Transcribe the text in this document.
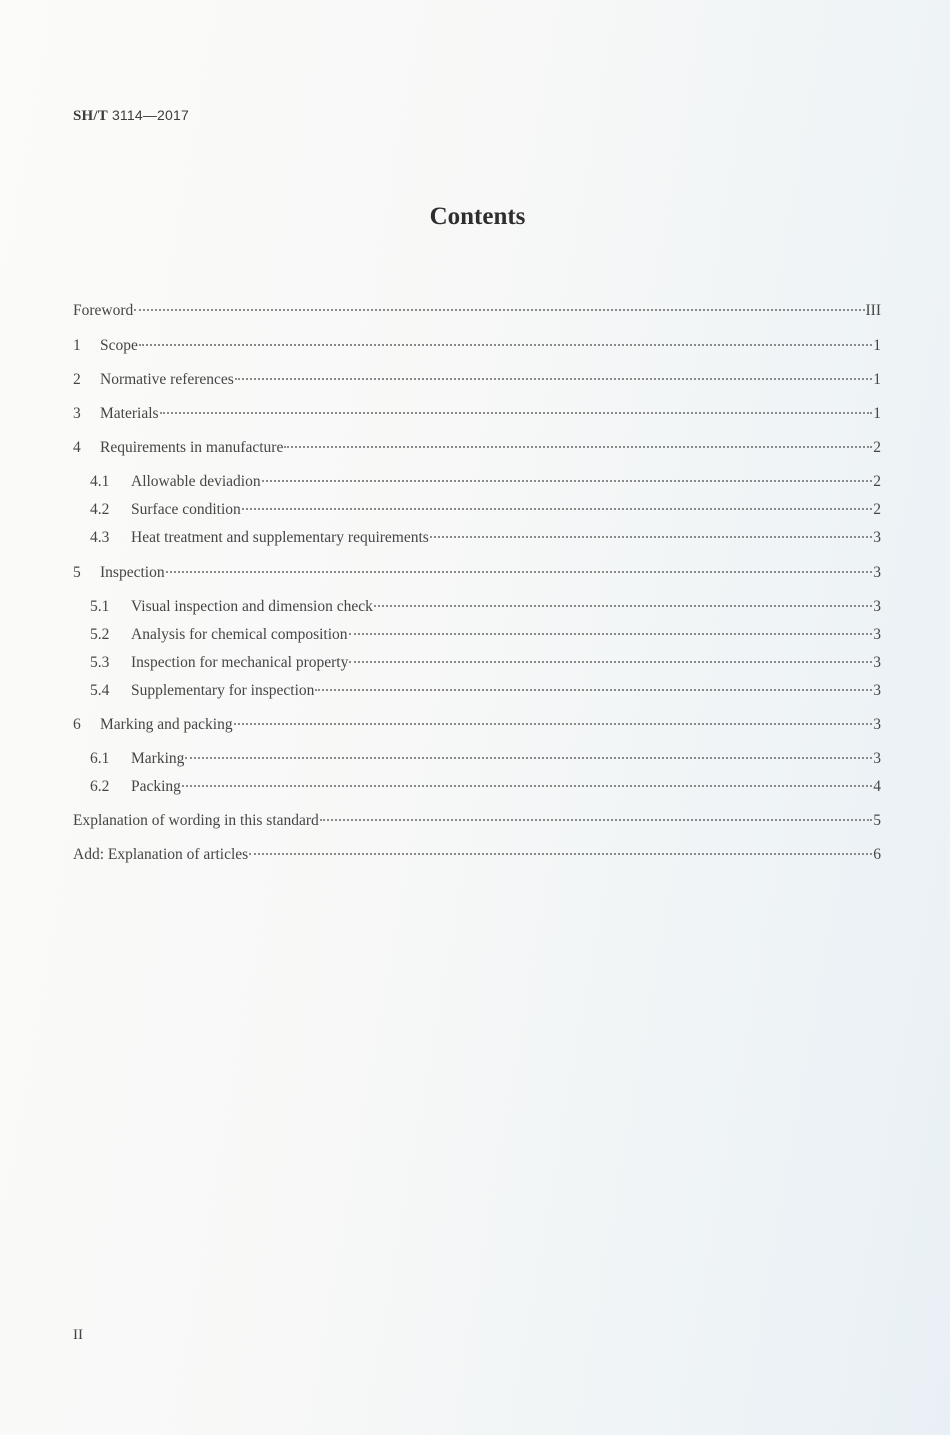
SH/T 3114—2017
Contents
Foreword	III
1	Scope	1
2	Normative references	1
3	Materials	1
4	Requirements in manufacture	2
4.1	Allowable deviadion	2
4.2	Surface condition	2
4.3	Heat treatment and supplementary requirements	3
5	Inspection	3
5.1	Visual inspection and dimension check	3
5.2	Analysis for chemical composition	3
5.3	Inspection for mechanical property	3
5.4	Supplementary for inspection	3
6	Marking and packing	3
6.1	Marking	3
6.2	Packing	4
Explanation of wording in this standard	5
Add: Explanation of articles	6
II
